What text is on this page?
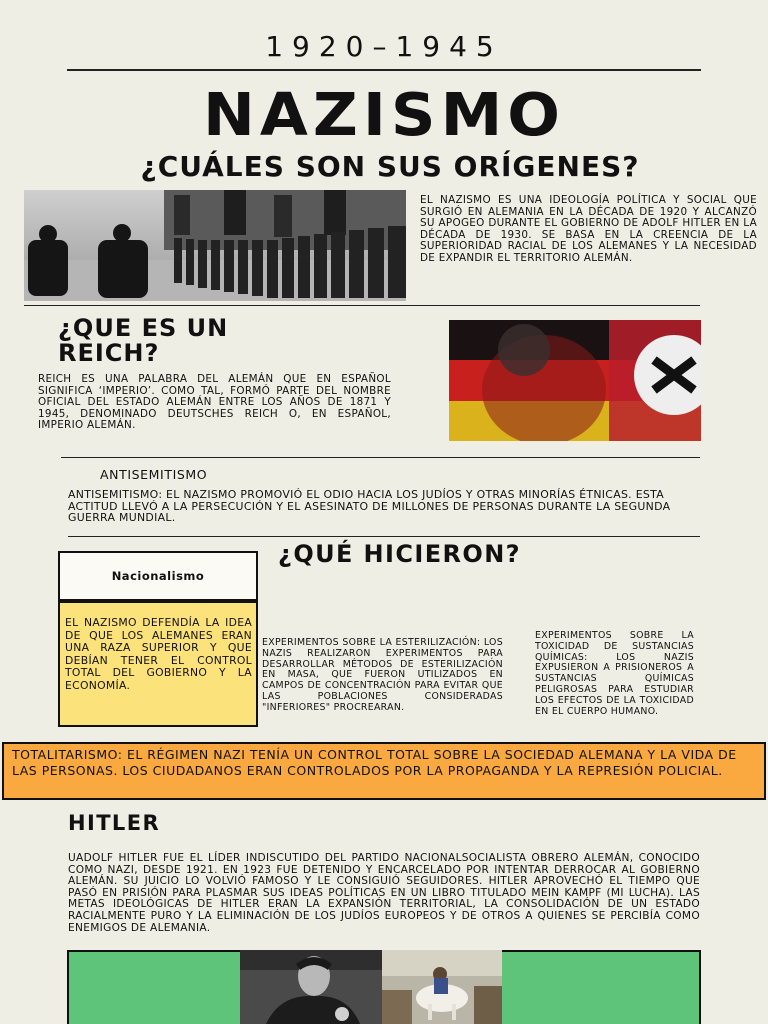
1920–1945
NAZISMO
¿CUÁLES SON SUS ORÍGENES?
EL NAZISMO ES UNA IDEOLOGÍA POLÍTICA Y SOCIAL QUE SURGIÓ EN ALEMANIA EN LA DÉCADA DE 1920 Y ALCANZÓ SU APOGEO DURANTE EL GOBIERNO DE ADOLF HITLER EN LA DÉCADA DE 1930. SE BASA EN LA CREENCIA DE LA SUPERIORIDAD RACIAL DE LOS ALEMANES Y LA NECESIDAD DE EXPANDIR EL TERRITORIO ALEMÁN.
¿QUE ES UN
REICH?
REICH ES UNA PALABRA DEL ALEMÁN QUE EN ESPAÑOL SIGNIFICA ‘IMPERIO’. COMO TAL, FORMÓ PARTE DEL NOMBRE OFICIAL DEL ESTADO ALEMÁN ENTRE LOS AÑOS DE 1871 Y 1945, DENOMINADO DEUTSCHES REICH O, EN ESPAÑOL, IMPERIO ALEMÁN.
ANTISEMITISMO
ANTISEMITISMO: EL NAZISMO PROMOVIÓ EL ODIO HACIA LOS JUDÍOS Y OTRAS MINORÍAS ÉTNICAS. ESTA ACTITUD LLEVÓ A LA PERSECUCIÓN Y EL ASESINATO DE MILLONES DE PERSONAS DURANTE LA SEGUNDA GUERRA MUNDIAL.
Nacionalismo
EL NAZISMO DEFENDÍA LA IDEA DE QUE LOS ALEMANES ERAN UNA RAZA SUPERIOR Y QUE DEBÍAN TENER EL CONTROL TOTAL DEL GOBIERNO Y LA ECONOMÍA.
¿QUÉ HICIERON?
EXPERIMENTOS SOBRE LA ESTERILIZACIÓN: LOS NAZIS REALIZARON EXPERIMENTOS PARA DESARROLLAR MÉTODOS DE ESTERILIZACIÓN EN MASA, QUE FUERON UTILIZADOS EN CAMPOS DE CONCENTRACIÓN PARA EVITAR QUE LAS POBLACIONES CONSIDERADAS "INFERIORES" PROCREARAN.
EXPERIMENTOS SOBRE LA TOXICIDAD DE SUSTANCIAS QUÍMICAS: LOS NAZIS EXPUSIERON A PRISIONEROS A SUSTANCIAS QUÍMICAS PELIGROSAS PARA ESTUDIAR LOS EFECTOS DE LA TOXICIDAD EN EL CUERPO HUMANO.
TOTALITARISMO: EL RÉGIMEN NAZI TENÍA UN CONTROL TOTAL SOBRE LA SOCIEDAD ALEMANA Y LA VIDA DE LAS PERSONAS. LOS CIUDADANOS ERAN CONTROLADOS POR LA PROPAGANDA Y LA REPRESIÓN POLICIAL.
HITLER
UADOLF HITLER FUE EL LÍDER INDISCUTIDO DEL PARTIDO NACIONALSOCIALISTA OBRERO ALEMÁN, CONOCIDO COMO NAZI, DESDE 1921. EN 1923 FUE DETENIDO Y ENCARCELADO POR INTENTAR DERROCAR AL GOBIERNO ALEMÁN. SU JUICIO LO VOLVIÓ FAMOSO Y LE CONSIGUIÓ SEGUIDORES. HITLER APROVECHÓ EL TIEMPO QUE PASÓ EN PRISIÓN PARA PLASMAR SUS IDEAS POLÍTICAS EN UN LIBRO TITULADO MEIN KAMPF (MI LUCHA). LAS METAS IDEOLÓGICAS DE HITLER ERAN LA EXPANSIÓN TERRITORIAL, LA CONSOLIDACIÓN DE UN ESTADO RACIALMENTE PURO Y LA ELIMINACIÓN DE LOS JUDÍOS EUROPEOS Y DE OTROS A QUIENES SE PERCIBÍA COMO ENEMIGOS DE ALEMANIA.
